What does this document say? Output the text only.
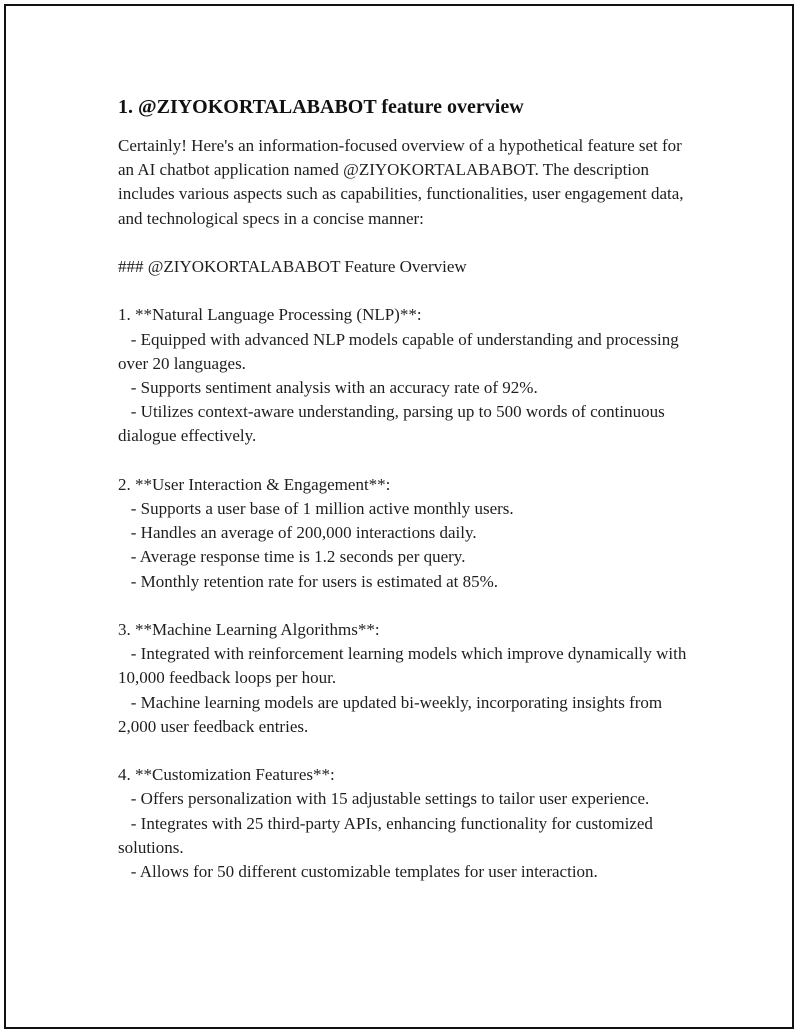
1. @ZIYOKORTALABABOT feature overview

Certainly! Here's an information-focused overview of a hypothetical feature set for an AI chatbot application named @ZIYOKORTALABABOT. The description includes various aspects such as capabilities, functionalities, user engagement data, and technological specs in a concise manner:

### @ZIYOKORTALABABOT Feature Overview

1. **Natural Language Processing (NLP)**:

- Equipped with advanced NLP models capable of understanding and processing over 20 languages.

- Supports sentiment analysis with an accuracy rate of 92%.

- Utilizes context-aware understanding, parsing up to 500 words of continuous dialogue effectively.

2. **User Interaction & Engagement**:

- Supports a user base of 1 million active monthly users.

- Handles an average of 200,000 interactions daily.

- Average response time is 1.2 seconds per query.

- Monthly retention rate for users is estimated at 85%.

3. **Machine Learning Algorithms**:

- Integrated with reinforcement learning models which improve dynamically with 10,000 feedback loops per hour.

- Machine learning models are updated bi-weekly, incorporating insights from 2,000 user feedback entries.

4. **Customization Features**:

- Offers personalization with 15 adjustable settings to tailor user experience.

- Integrates with 25 third-party APIs, enhancing functionality for customized solutions.

- Allows for 50 different customizable templates for user interaction.
